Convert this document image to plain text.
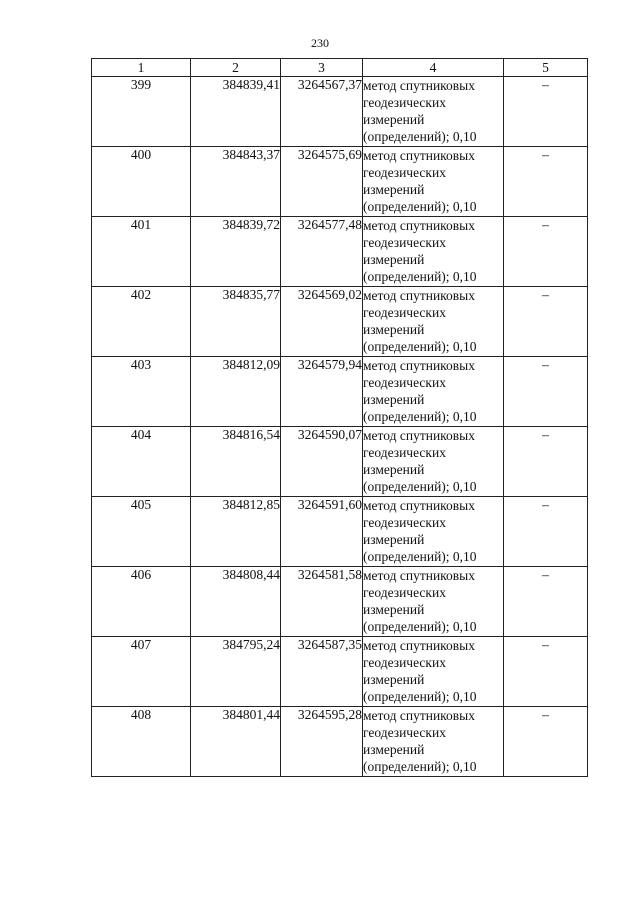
230
1	2	3	4	5
399	384839,41	3264567,37	метод спутниковых
геодезических
измерений
(определений); 0,10	–
400	384843,37	3264575,69	метод спутниковых
геодезических
измерений
(определений); 0,10	–
401	384839,72	3264577,48	метод спутниковых
геодезических
измерений
(определений); 0,10	–
402	384835,77	3264569,02	метод спутниковых
геодезических
измерений
(определений); 0,10	–
403	384812,09	3264579,94	метод спутниковых
геодезических
измерений
(определений); 0,10	–
404	384816,54	3264590,07	метод спутниковых
геодезических
измерений
(определений); 0,10	–
405	384812,85	3264591,60	метод спутниковых
геодезических
измерений
(определений); 0,10	–
406	384808,44	3264581,58	метод спутниковых
геодезических
измерений
(определений); 0,10	–
407	384795,24	3264587,35	метод спутниковых
геодезических
измерений
(определений); 0,10	–
408	384801,44	3264595,28	метод спутниковых
геодезических
измерений
(определений); 0,10	–
